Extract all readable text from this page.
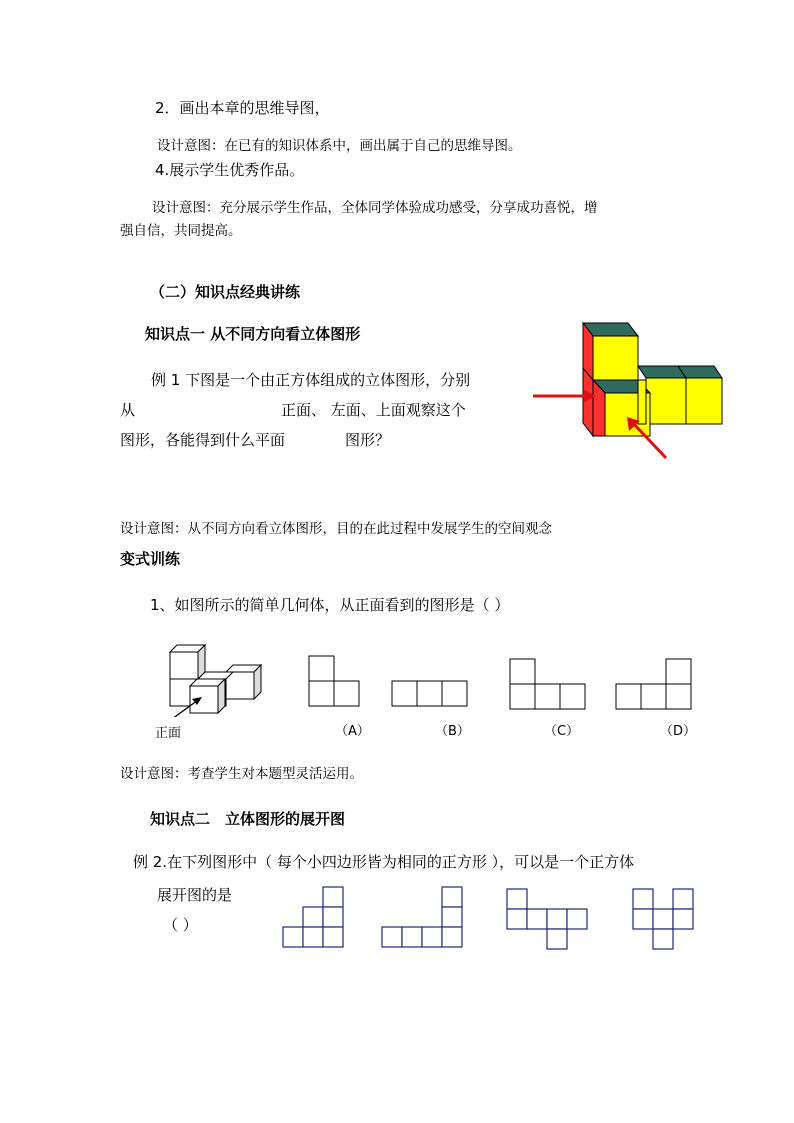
2．画出本章的思维导图，
设计意图：在已有的知识体系中，画出属于自己的思维导图。
4.展示学生优秀作品。
设计意图：充分展示学生作品，全体同学体验成功感受，分享成功喜悦，增
强自信，共同提高。
（二）知识点经典讲练
知识点一 从不同方向看立体图形
例 1 下图是一个由正方体组成的立体图形，分别
从	正面、 左面、上面观察这个
图形，各能得到什么平面	图形？
设计意图：从不同方向看立体图形，目的在此过程中发展学生的空间观念
变式训练
1、如图所示的简单几何体，从正面看到的图形是（ ）
正面	（A）	（B）	（C）	（D）
设计意图：考查学生对本题型灵活运用。
知识点二　立体图形的展开图
例 2.在下列图形中（ 每个小四边形皆为相同的正方形 ），可以是一个正方体
展开图的是
（ ）
